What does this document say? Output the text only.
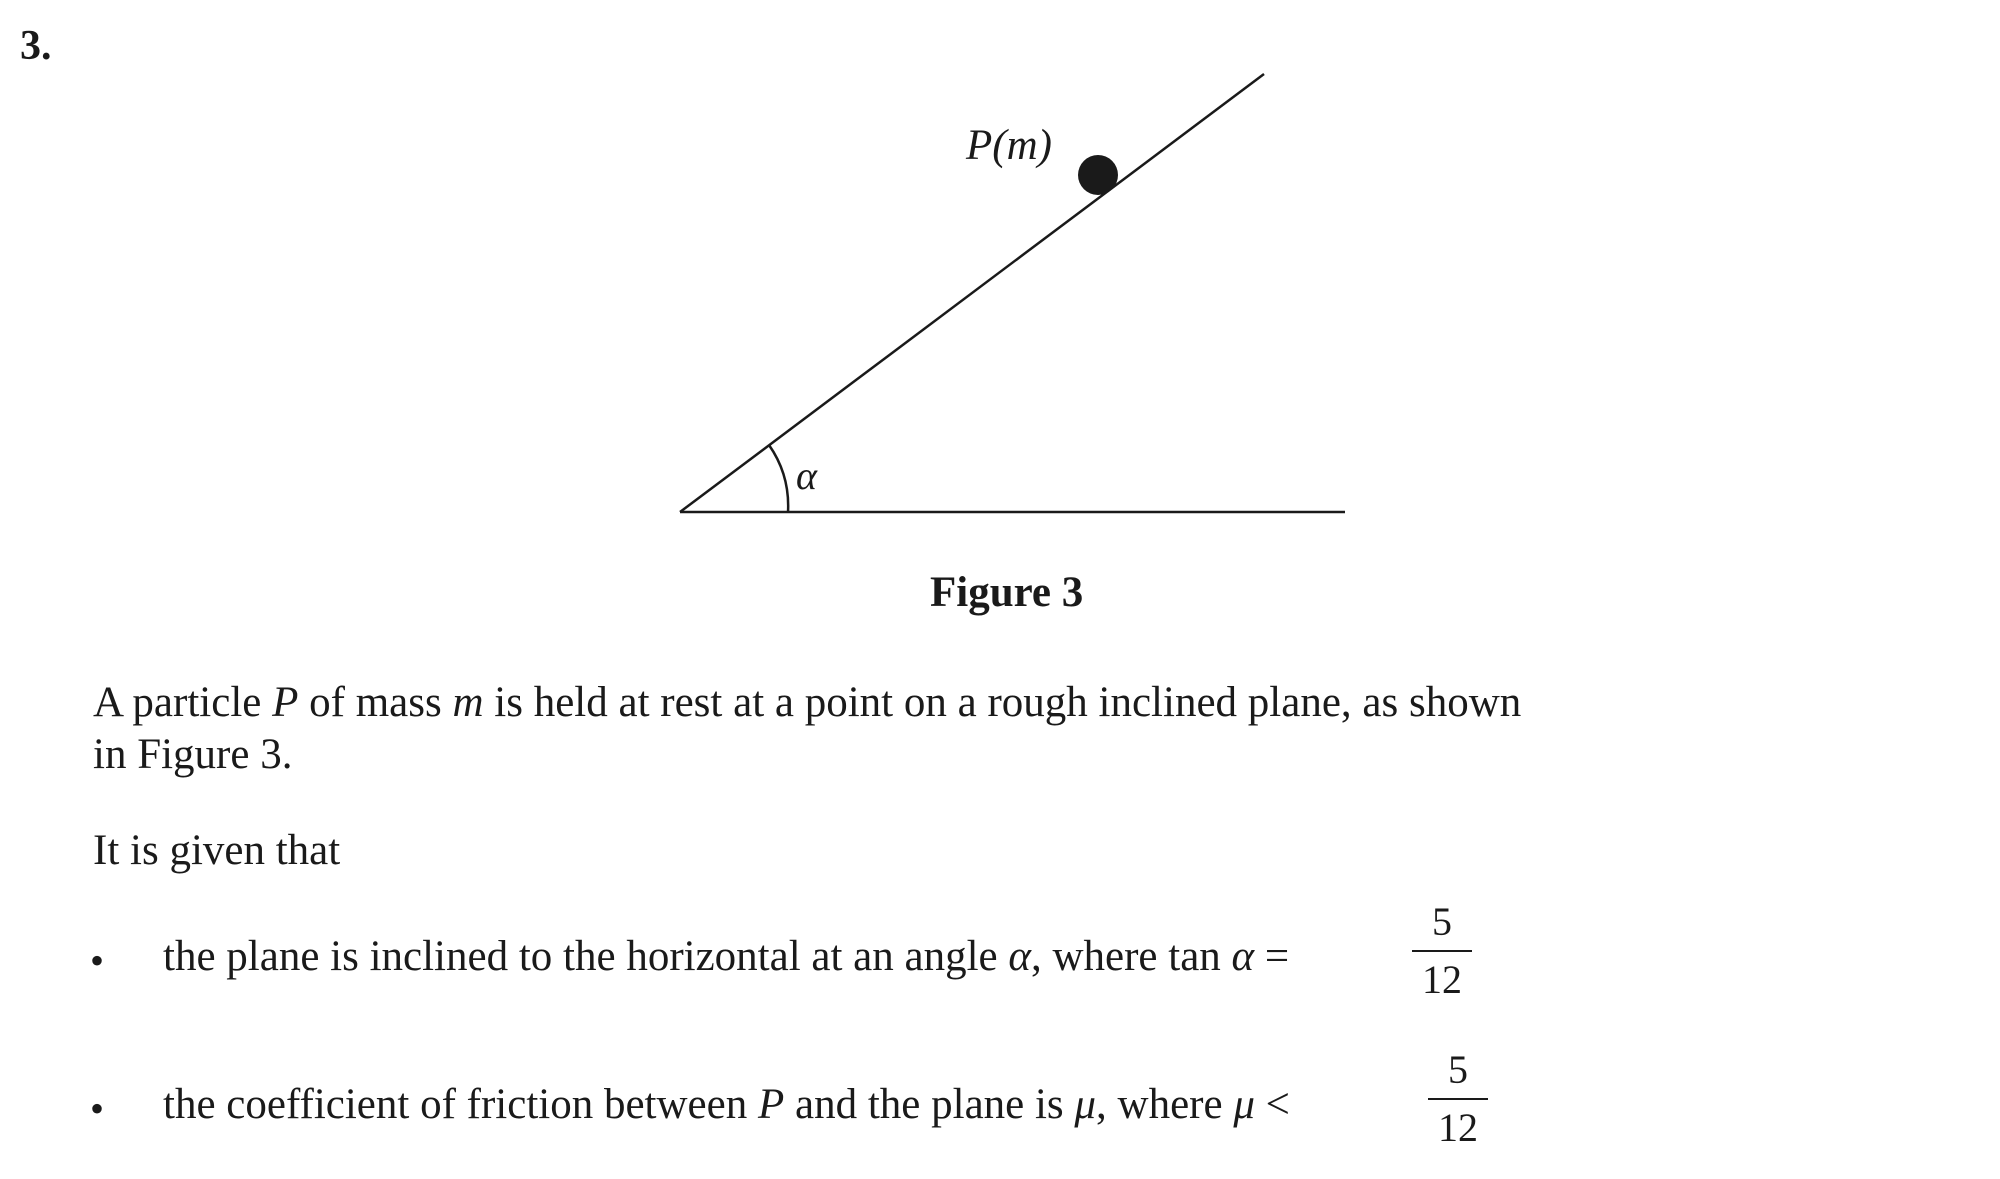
3.
P(m)
α
Figure 3
A particle P of mass m is held at rest at a point on a rough inclined plane, as shown
in Figure 3.
It is given that
• the plane is inclined to the horizontal at an angle α, where tan α =
5
12
• the coefficient of friction between P and the plane is μ, where μ <
5
12
